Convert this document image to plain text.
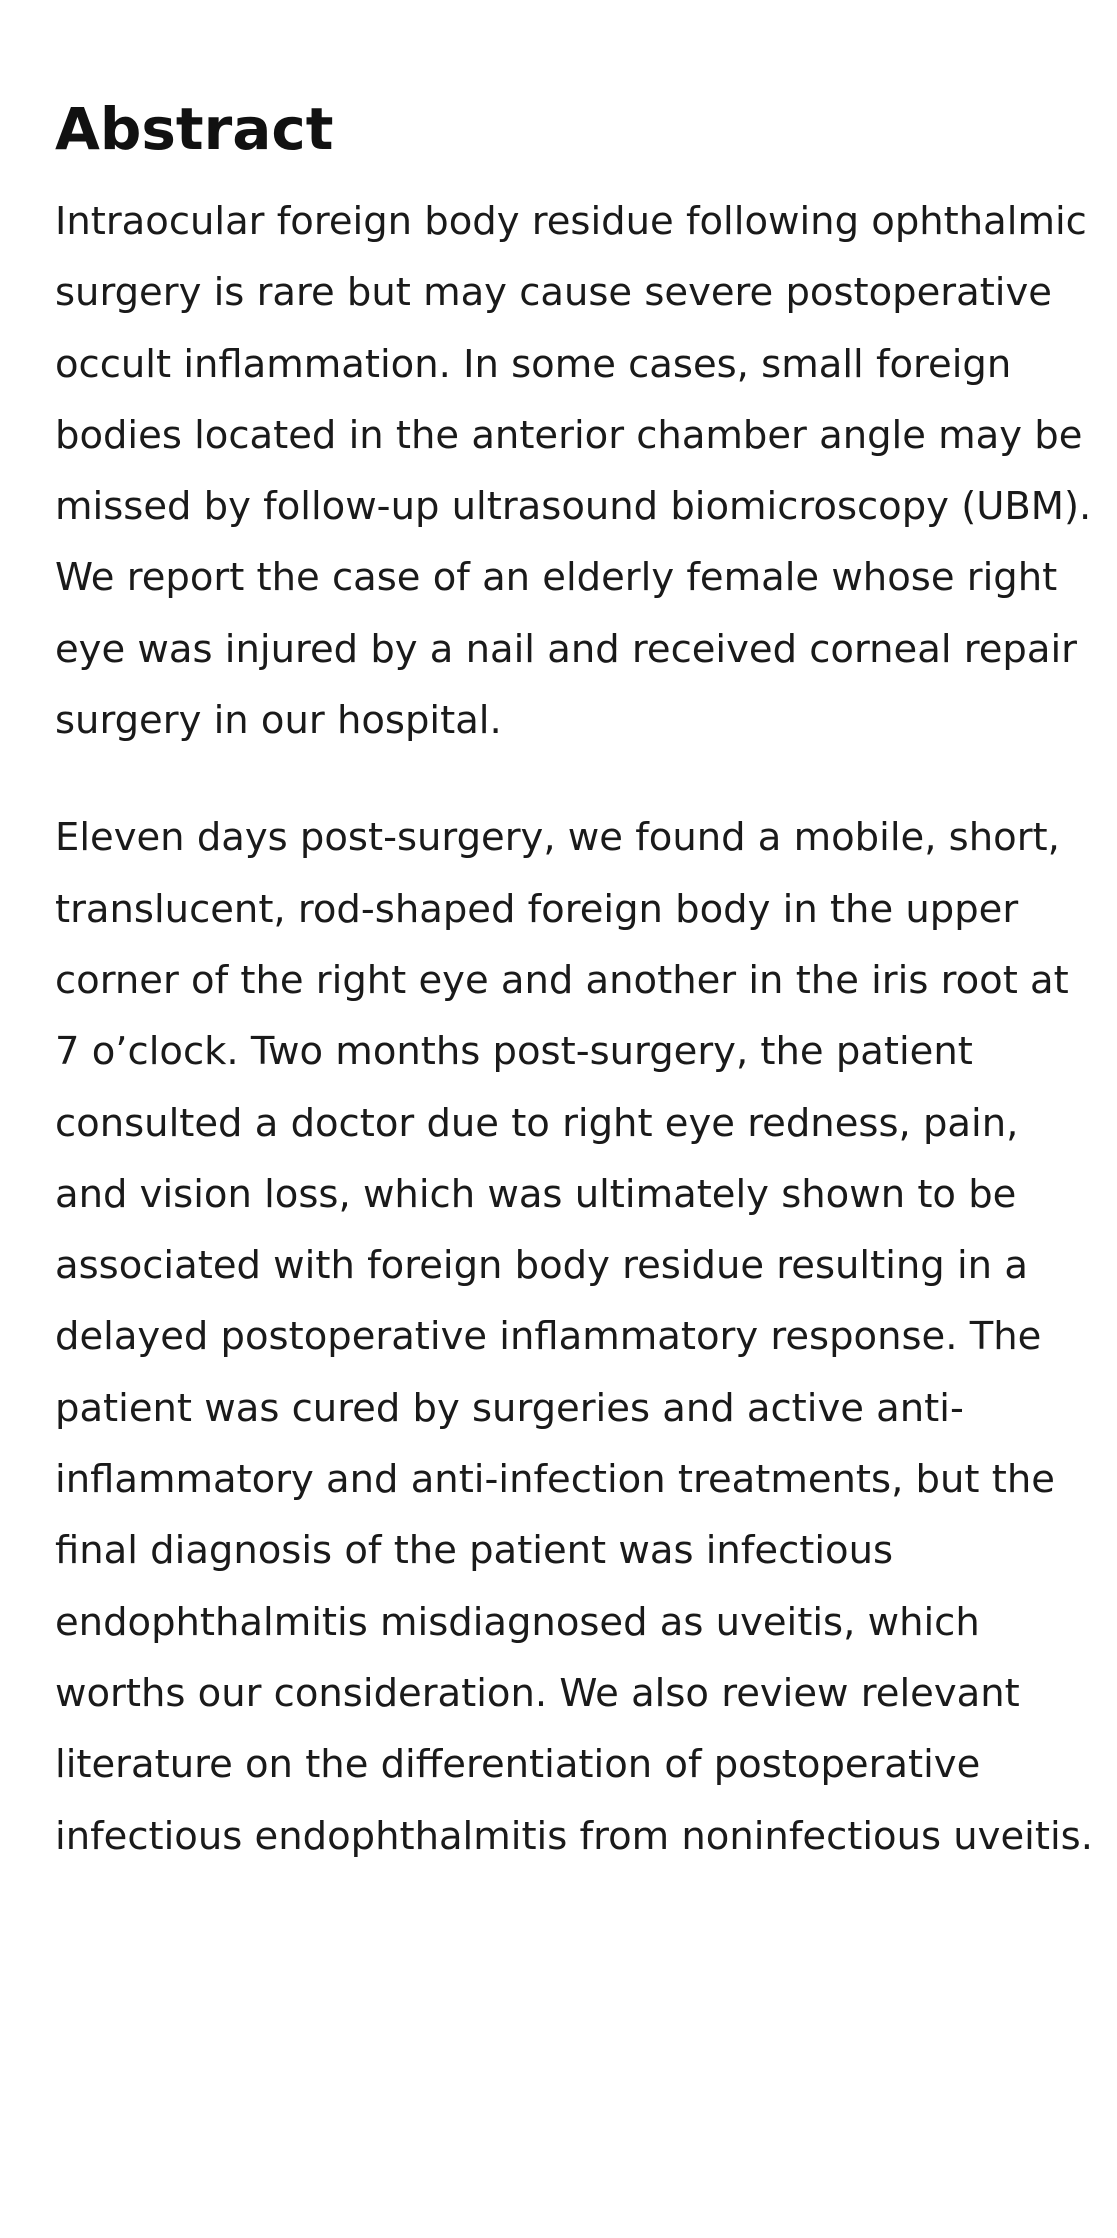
Abstract

Intraocular foreign body residue following ophthalmic surgery is rare but may cause severe postoperative occult inflammation. In some cases, small foreign bodies located in the anterior chamber angle may be missed by follow-up ultrasound biomicroscopy (UBM). We report the case of an elderly female whose right eye was injured by a nail and received corneal repair surgery in our hospital.

Eleven days post-surgery, we found a mobile, short, translucent, rod-shaped foreign body in the upper corner of the right eye and another in the iris root at 7 o’clock. Two months post-surgery, the patient consulted a doctor due to right eye redness, pain, and vision loss, which was ultimately shown to be associated with foreign body residue resulting in a delayed postoperative inflammatory response. The patient was cured by surgeries and active anti-inflammatory and anti-infection treatments, but the final diagnosis of the patient was infectious endophthalmitis misdiagnosed as uveitis, which worths our consideration. We also review relevant literature on the differentiation of postoperative infectious endophthalmitis from noninfectious uveitis.
